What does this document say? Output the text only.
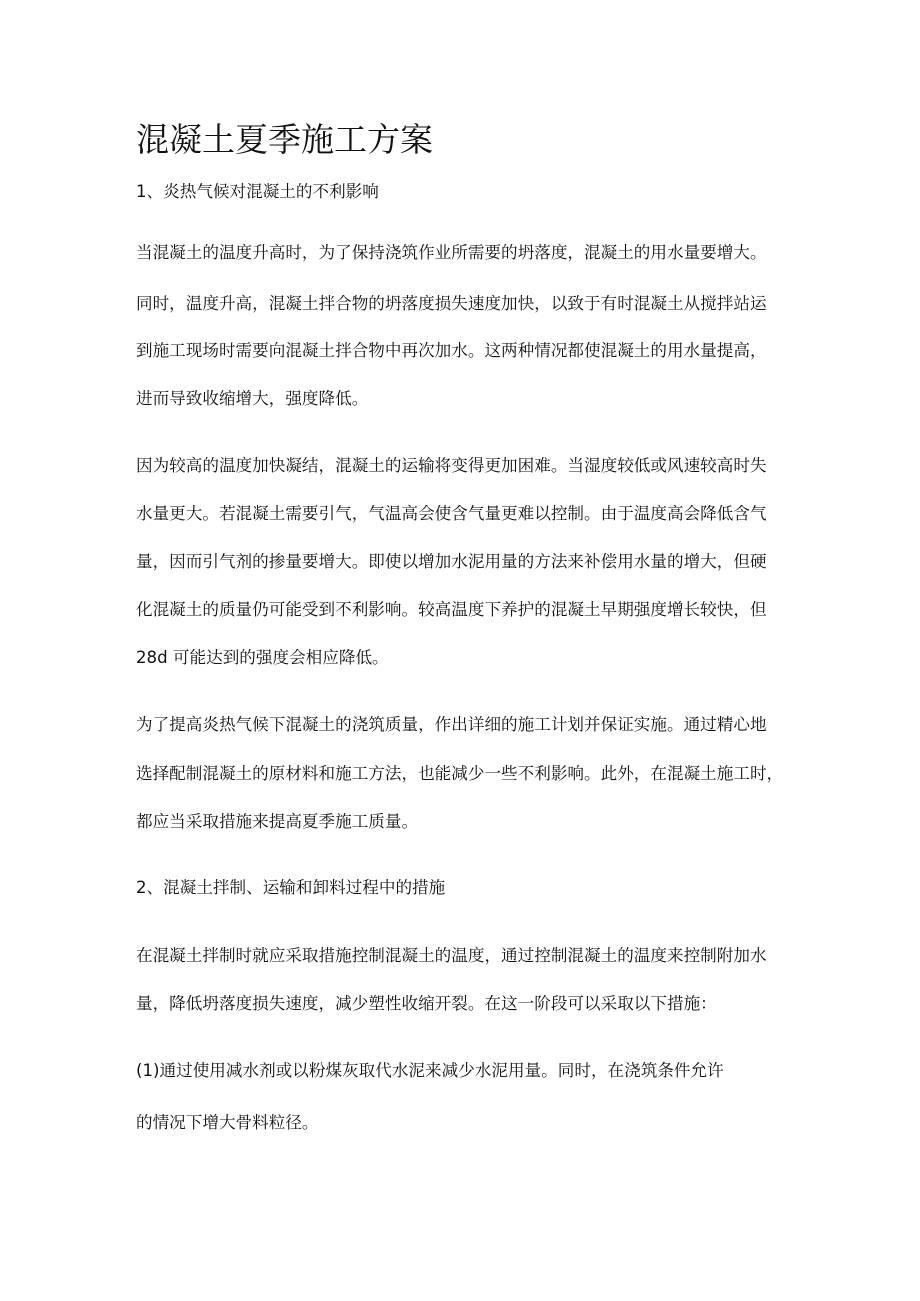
混凝土夏季施工方案

1、炎热气候对混凝土的不利影响

当混凝土的温度升高时，为了保持浇筑作业所需要的坍落度，混凝土的用水量要增大。

同时，温度升高，混凝土拌合物的坍落度损失速度加快，以致于有时混凝土从搅拌站运

到施工现场时需要向混凝土拌合物中再次加水。这两种情况都使混凝土的用水量提高，

进而导致收缩增大，强度降低。

因为较高的温度加快凝结，混凝土的运输将变得更加困难。当湿度较低或风速较高时失

水量更大。若混凝土需要引气，气温高会使含气量更难以控制。由于温度高会降低含气

量，因而引气剂的掺量要增大。即使以增加水泥用量的方法来补偿用水量的增大，但硬

化混凝土的质量仍可能受到不利影响。较高温度下养护的混凝土早期强度增长较快，但

28d 可能达到的强度会相应降低。

为了提高炎热气候下混凝土的浇筑质量，作出详细的施工计划并保证实施。通过精心地

选择配制混凝土的原材料和施工方法，也能减少一些不利影响。此外，在混凝土施工时，

都应当采取措施来提高夏季施工质量。

2、混凝土拌制、运输和卸料过程中的措施

在混凝土拌制时就应采取措施控制混凝土的温度，通过控制混凝土的温度来控制附加水

量，降低坍落度损失速度，减少塑性收缩开裂。在这一阶段可以采取以下措施：

(1)通过使用减水剂或以粉煤灰取代水泥来减少水泥用量。同时，在浇筑条件允许

的情况下增大骨料粒径。
